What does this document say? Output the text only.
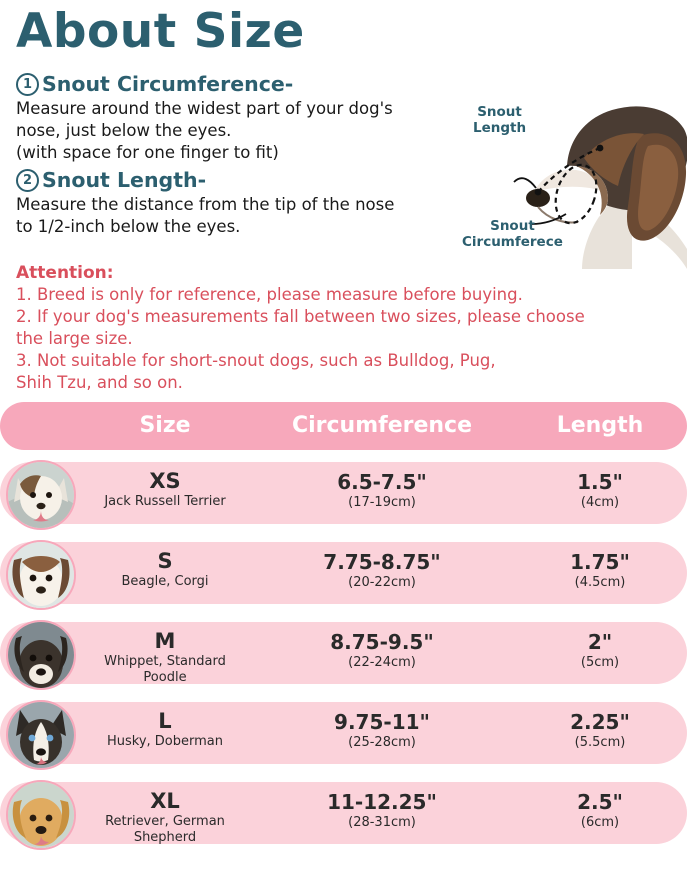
About Size
1 Snout Circumference-
Measure around the widest part of your dog's
nose, just below the eyes.
(with space for one finger to fit)
2 Snout Length-
Measure the distance from the tip of the nose
to 1/2-inch below the eyes.
Attention:
1. Breed is only for reference, please measure before buying.
2. If your dog's measurements fall between two sizes, please choose
the large size.
3. Not suitable for short-snout dogs, such as Bulldog, Pug,
Shih Tzu, and so on.
Snout
Length
Snout
Circumferece
Size	Circumference	Length
XS
Jack Russell Terrier
6.5-7.5"
(17-19cm)
1.5"
(4cm)
S
Beagle, Corgi
7.75-8.75"
(20-22cm)
1.75"
(4.5cm)
M
Whippet, Standard Poodle
8.75-9.5"
(22-24cm)
2"
(5cm)
L
Husky, Doberman
9.75-11"
(25-28cm)
2.25"
(5.5cm)
XL
Retriever, German Shepherd
11-12.25"
(28-31cm)
2.5"
(6cm)
